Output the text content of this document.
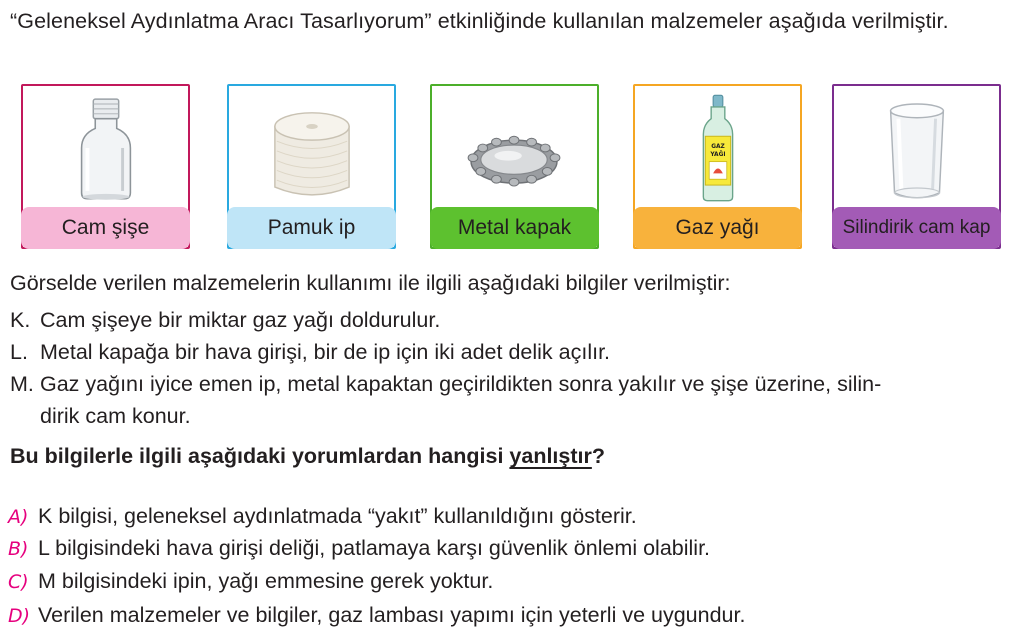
“Geleneksel Aydınlatma Aracı Tasarlıyorum” etkinliğinde kullanılan malzemeler aşağıda verilmiştir.
Cam şişe	Pamuk ip	Metal kapak
GAZ
YAĞI
Gaz yağı	Silindirik cam kap
Görselde verilen malzemelerin kullanımı ile ilgili aşağıdaki bilgiler verilmiştir:
K. Cam şişeye bir miktar gaz yağı doldurulur.
L. Metal kapağa bir hava girişi, bir de ip için iki adet delik açılır.
M. Gaz yağını iyice emen ip, metal kapaktan geçirildikten sonra yakılır ve şişe üzerine, silin-
dirik cam konur.
Bu bilgilerle ilgili aşağıdaki yorumlardan hangisi yanlıştır?
A) K bilgisi, geleneksel aydınlatmada “yakıt” kullanıldığını gösterir.
B) L bilgisindeki hava girişi deliği, patlamaya karşı güvenlik önlemi olabilir.
C) M bilgisindeki ipin, yağı emmesine gerek yoktur.
D) Verilen malzemeler ve bilgiler, gaz lambası yapımı için yeterli ve uygundur.
